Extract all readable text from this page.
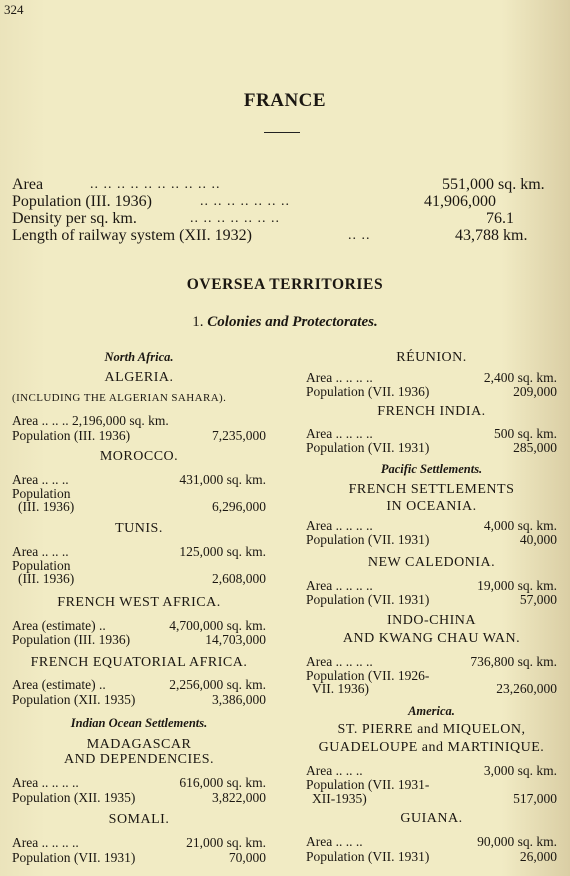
324
FRANCE
Area	.. .. .. .. .. .. .. .. .. ..	551,000 sq. km.
Population (III. 1936)	.. .. .. .. .. .. ..	41,906,000
Density per sq. km.	.. .. .. .. .. .. ..	76.1
Length of railway system (XII. 1932)	.. ..	43,788 km.
OVERSEA TERRITORIES
1. Colonies and Protectorates.
North Africa.
ALGERIA.
(INCLUDING THE ALGERIAN SAHARA).
Area .. .. .. 2,196,000 sq. km.
Population (III. 1936)	7,235,000
MOROCCO.
Area .. .. ..	431,000 sq. km.
Population
(III. 1936)	6,296,000
TUNIS.
Area .. .. ..	125,000 sq. km.
Population
(III. 1936)	2,608,000
FRENCH WEST AFRICA.
Area (estimate) ..	4,700,000 sq. km.
Population (III. 1936)	14,703,000
FRENCH EQUATORIAL AFRICA.
Area (estimate) ..	2,256,000 sq. km.
Population (XII. 1935)	3,386,000
Indian Ocean Settlements.
MADAGASCAR
AND DEPENDENCIES.
Area .. .. .. ..	616,000 sq. km.
Population (XII. 1935)	3,822,000
SOMALI.
Area .. .. .. ..	21,000 sq. km.
Population (VII. 1931)	70,000
RÉUNION.
Area .. .. .. ..	2,400 sq. km.
Population (VII. 1936)	209,000
FRENCH INDIA.
Area .. .. .. ..	500 sq. km.
Population (VII. 1931)	285,000
Pacific Settlements.
FRENCH SETTLEMENTS
IN OCEANIA.
Area .. .. .. ..	4,000 sq. km.
Population (VII. 1931)	40,000
NEW CALEDONIA.
Area .. .. .. ..	19,000 sq. km.
Population (VII. 1931)	57,000
INDO-CHINA
AND KWANG CHAU WAN.
Area .. .. .. ..	736,800 sq. km.
Population (VII. 1926-
VII. 1936)	23,260,000
America.
ST. PIERRE and MIQUELON,
GUADELOUPE and MARTINIQUE.
Area .. .. ..	3,000 sq. km.
Population (VII. 1931-
XII-1935)	517,000
GUIANA.
Area .. .. ..	90,000 sq. km.
Population (VII. 1931)	26,000
